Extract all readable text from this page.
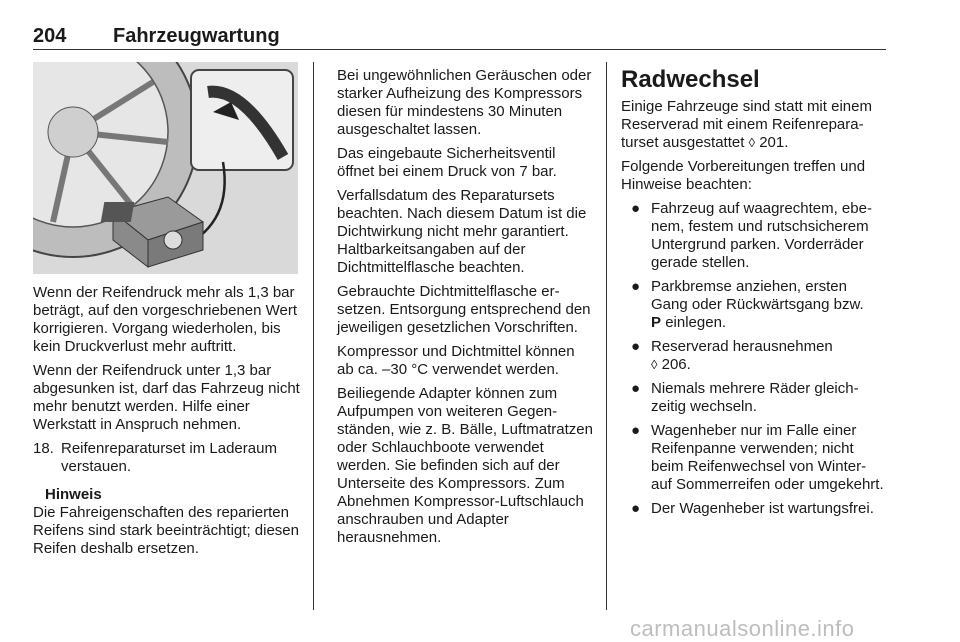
204 Fahrzeugwartung

Wenn der Reifendruck mehr als 1,3 bar beträgt, auf den vorgeschriebenen Wert korrigieren. Vorgang wiederholen, bis kein Druckverlust mehr auftritt.

Wenn der Reifendruck unter 1,3 bar abgesunken ist, darf das Fahrzeug nicht mehr benutzt werden. Hilfe einer Werkstatt in Anspruch nehmen.

18. Reifenreparaturset im Laderaum verstauen.
Hinweis
Die Fahreigenschaften des reparierten Reifens sind stark beeinträchtigt; diesen Reifen deshalb ersetzen.

Bei ungewöhnlichen Geräuschen oder starker Aufheizung des Kompressors diesen für mindestens 30 Minuten ausgeschaltet lassen.

Das eingebaute Sicherheitsventil öffnet bei einem Druck von 7 bar.

Verfallsdatum des Reparatursets beachten. Nach diesem Datum ist die Dichtwirkung nicht mehr garantiert. Haltbarkeitsangaben auf der Dichtmittelflasche beachten.

Gebrauchte Dichtmittelflasche ersetzen. Entsorgung entsprechend den jeweiligen gesetzlichen Vorschriften.

Kompressor und Dichtmittel können ab ca. –30 °C verwendet werden.

Beiliegende Adapter können zum Aufpumpen von weiteren Gegenständen, wie z. B. Bälle, Luftmatratzen oder Schlauchboote verwendet werden. Sie befinden sich auf der Unterseite des Kompressors. Zum Abnehmen Kompressor-Luftschlauch anschrauben und Adapter herausnehmen.

Radwechsel

Einige Fahrzeuge sind statt mit einem Reserverad mit einem Reifenreparaturset ausgestattet ◊ 201.

Folgende Vorbereitungen treffen und Hinweise beachten:

● Fahrzeug auf waagrechtem, ebenem, festem und rutschsicherem Untergrund parken. Vorderräder gerade stellen.
● Parkbremse anziehen, ersten Gang oder Rückwärtsgang bzw.
P einlegen.
● Reserverad herausnehmen
◊ 206.
● Niemals mehrere Räder gleichzeitig wechseln.
● Wagenheber nur im Falle einer Reifenpanne verwenden; nicht beim Reifenwechsel von Winter- auf Sommerreifen oder umgekehrt.
● Der Wagenheber ist wartungsfrei.
carmanualsonline.info
